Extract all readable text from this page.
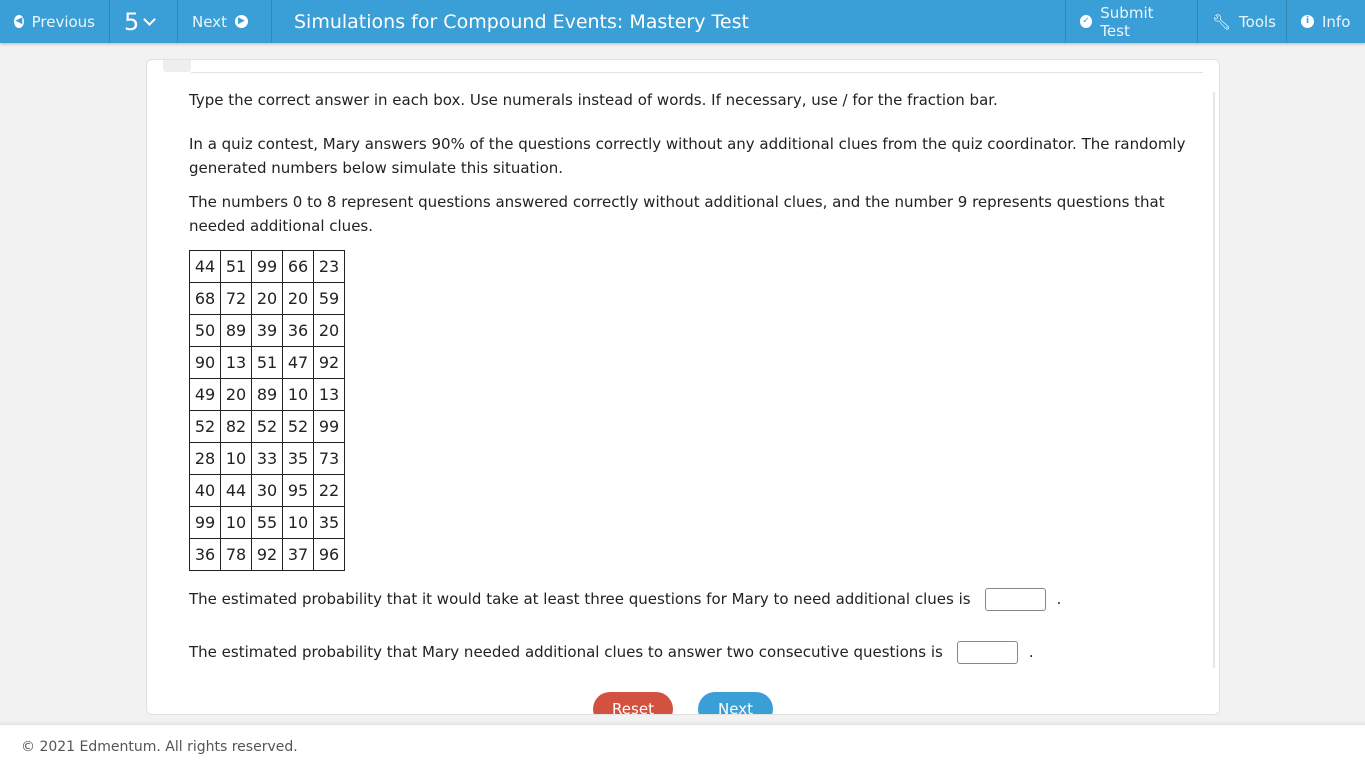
◀ Previous 5	Next	▶	Simulations for Compound Events: Mastery Test	✓ Submit Test	🔧︎ Tools	i Info

Type the correct answer in each box. Use numerals instead of words. If necessary, use / for the fraction bar.

In a quiz contest, Mary answers 90% of the questions correctly without any additional clues from the quiz coordinator. The randomly generated numbers below simulate this situation.

The numbers 0 to 8 represent questions answered correctly without additional clues, and the number 9 represents questions that needed additional clues.

44	51	99	66	23
68	72	20	20	59
50	89	39	36	20
90	13	51	47	92
49	20	89	10	13
52	82	52	52	99
28	10	33	35	73
40	44	30	95	22
99	10	55	10	35
36	78	92	37	96
The estimated probability that it would take at least three questions for Mary to need additional clues is	.
The estimated probability that Mary needed additional clues to answer two consecutive questions is	.
Reset	Next
© 2021 Edmentum. All rights reserved.
